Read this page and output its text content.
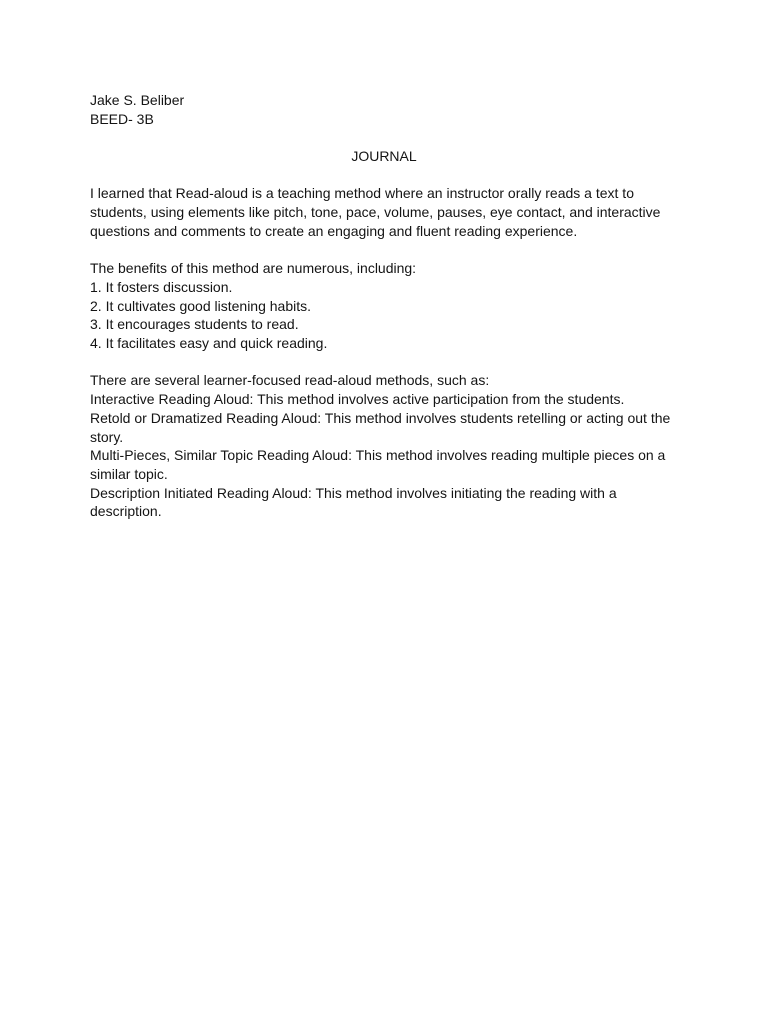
Jake S. Beliber
BEED- 3B
JOURNAL
I learned that Read-aloud is a teaching method where an instructor orally reads a text to
students, using elements like pitch, tone, pace, volume, pauses, eye contact, and interactive
questions and comments to create an engaging and fluent reading experience.
The benefits of this method are numerous, including:
1. It fosters discussion.
2. It cultivates good listening habits.
3. It encourages students to read.
4. It facilitates easy and quick reading.
There are several learner-focused read-aloud methods, such as:
Interactive Reading Aloud: This method involves active participation from the students.
Retold or Dramatized Reading Aloud: This method involves students retelling or acting out the
story.
Multi-Pieces, Similar Topic Reading Aloud: This method involves reading multiple pieces on a
similar topic.
Description Initiated Reading Aloud: This method involves initiating the reading with a
description.
